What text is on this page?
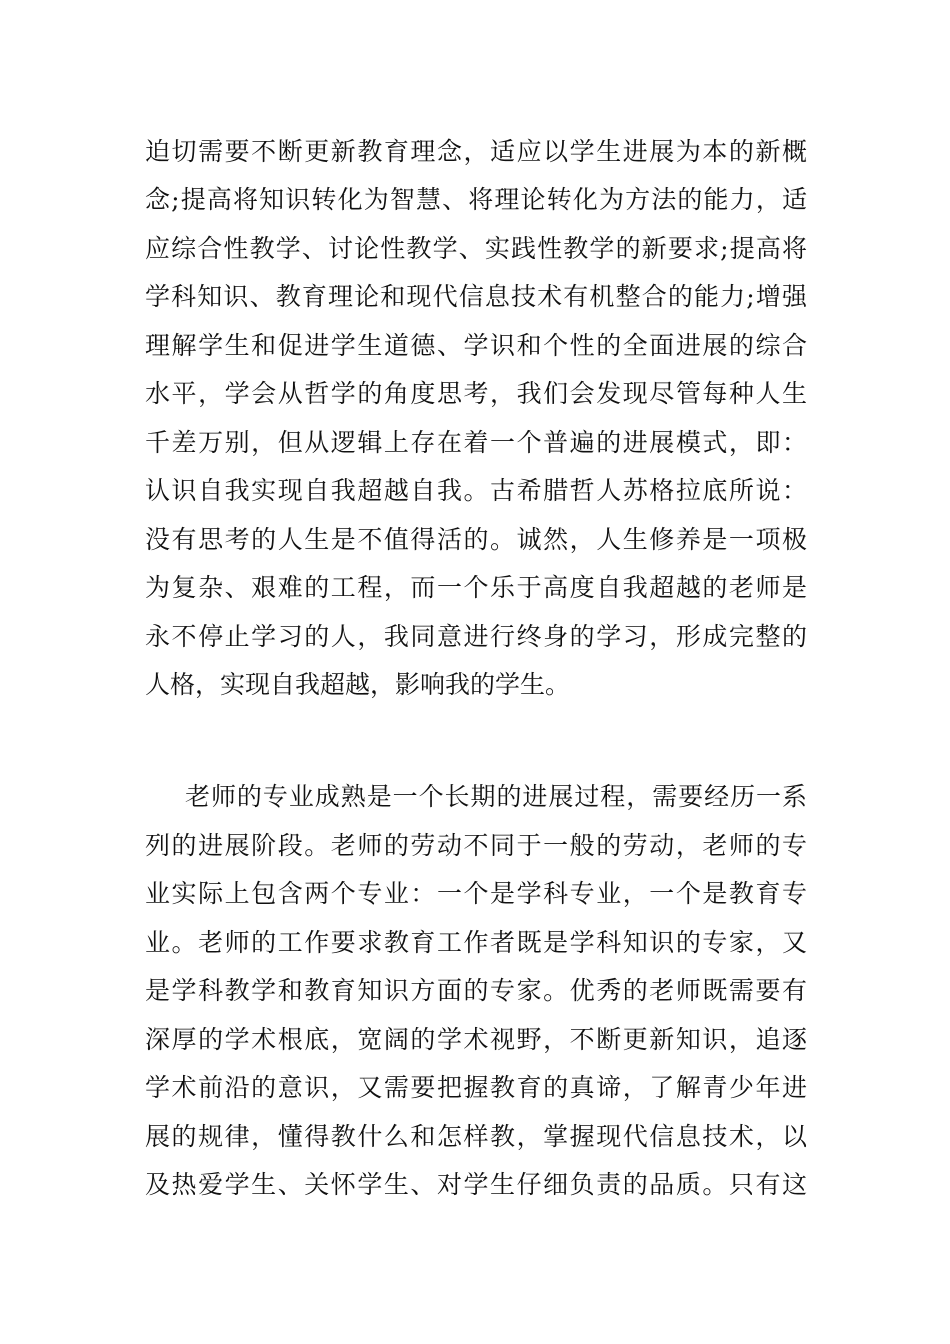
迫切需要不断更新教育理念，适应以学生进展为本的新概
念;提高将知识转化为智慧、将理论转化为方法的能力，适
应综合性教学、讨论性教学、实践性教学的新要求;提高将
学科知识、教育理论和现代信息技术有机整合的能力;增强
理解学生和促进学生道德、学识和个性的全面进展的综合
水平，学会从哲学的角度思考，我们会发现尽管每种人生
千差万别，但从逻辑上存在着一个普遍的进展模式，即：
认识自我实现自我超越自我。古希腊哲人苏格拉底所说：
没有思考的人生是不值得活的。诚然，人生修养是一项极
为复杂、艰难的工程，而一个乐于高度自我超越的老师是
永不停止学习的人，我同意进行终身的学习，形成完整的
人格，实现自我超越，影响我的学生。
老师的专业成熟是一个长期的进展过程，需要经历一系
列的进展阶段。老师的劳动不同于一般的劳动，老师的专
业实际上包含两个专业：一个是学科专业，一个是教育专
业。老师的工作要求教育工作者既是学科知识的专家，又
是学科教学和教育知识方面的专家。优秀的老师既需要有
深厚的学术根底，宽阔的学术视野，不断更新知识，追逐
学术前沿的意识，又需要把握教育的真谛，了解青少年进
展的规律，懂得教什么和怎样教，掌握现代信息技术，以
及热爱学生、关怀学生、对学生仔细负责的品质。只有这
